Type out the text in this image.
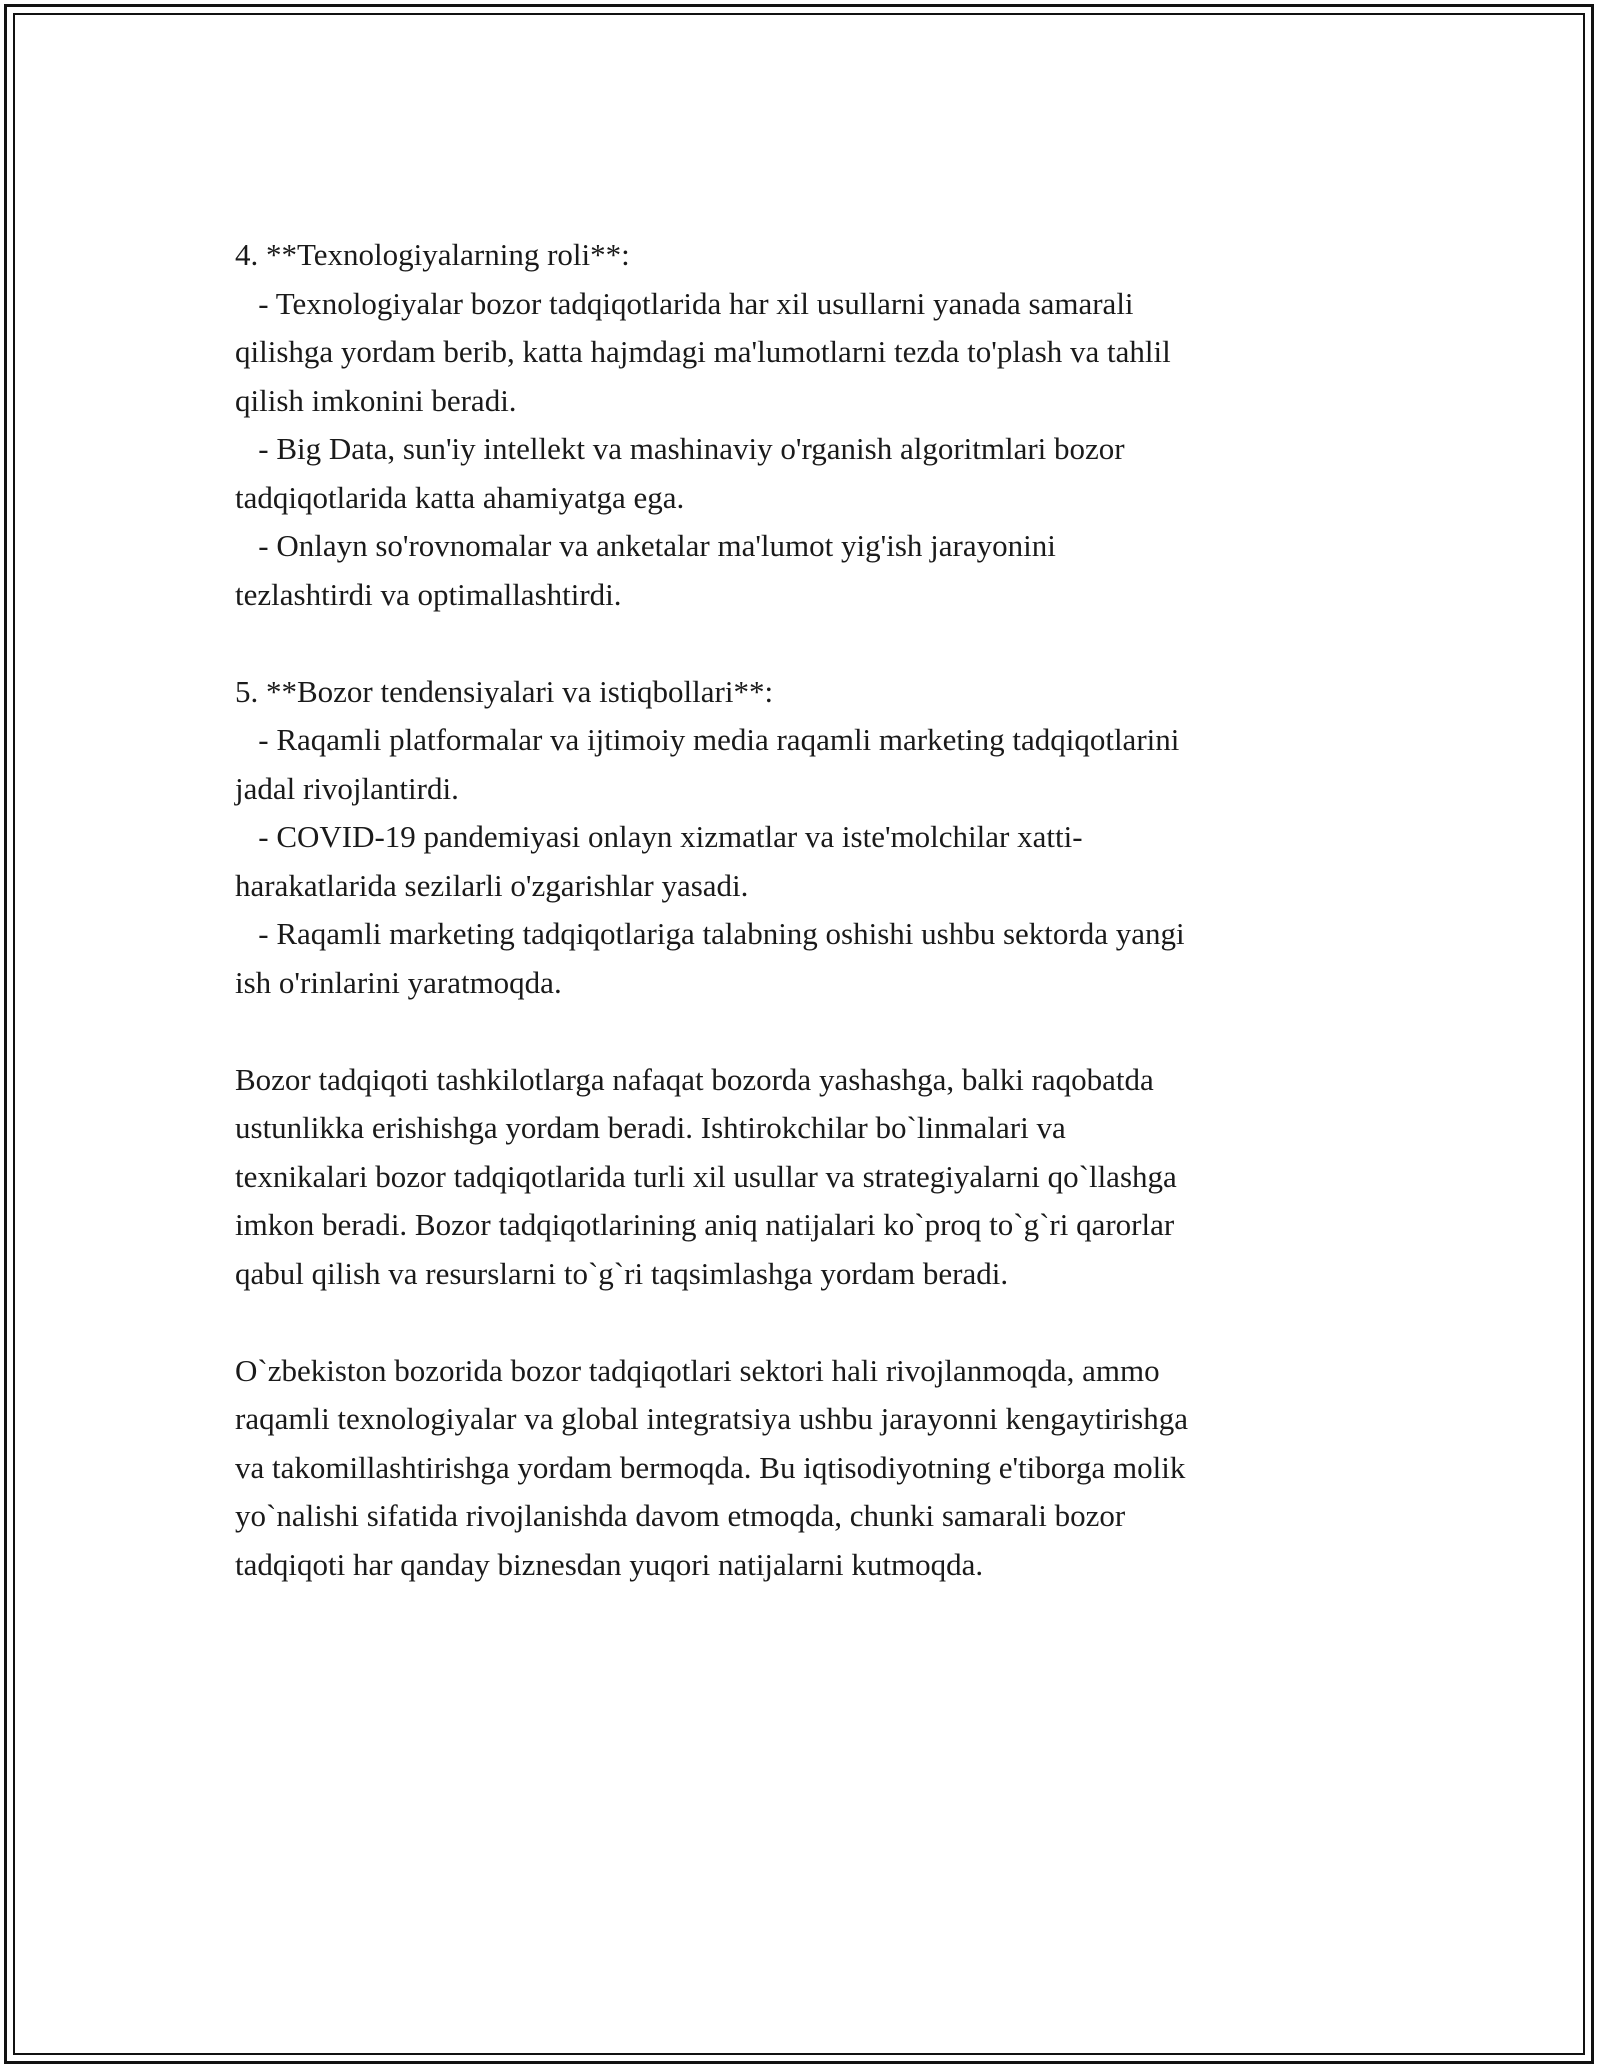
4. **Texnologiyalarning roli**:

- Texnologiyalar bozor tadqiqotlarida har xil usullarni yanada samarali

qilishga yordam berib, katta hajmdagi ma'lumotlarni tezda to'plash va tahlil

qilish imkonini beradi.

- Big Data, sun'iy intellekt va mashinaviy o'rganish algoritmlari bozor

tadqiqotlarida katta ahamiyatga ega.

- Onlayn so'rovnomalar va anketalar ma'lumot yig'ish jarayonini

tezlashtirdi va optimallashtirdi.

5. **Bozor tendensiyalari va istiqbollari**:

- Raqamli platformalar va ijtimoiy media raqamli marketing tadqiqotlarini

jadal rivojlantirdi.

- COVID-19 pandemiyasi onlayn xizmatlar va iste'molchilar xatti-

harakatlarida sezilarli o'zgarishlar yasadi.

- Raqamli marketing tadqiqotlariga talabning oshishi ushbu sektorda yangi

ish o'rinlarini yaratmoqda.

Bozor tadqiqoti tashkilotlarga nafaqat bozorda yashashga, balki raqobatda

ustunlikka erishishga yordam beradi. Ishtirokchilar bo`linmalari va

texnikalari bozor tadqiqotlarida turli xil usullar va strategiyalarni qo`llashga

imkon beradi. Bozor tadqiqotlarining aniq natijalari ko`proq to`g`ri qarorlar

qabul qilish va resurslarni to`g`ri taqsimlashga yordam beradi.

O`zbekiston bozorida bozor tadqiqotlari sektori hali rivojlanmoqda, ammo

raqamli texnologiyalar va global integratsiya ushbu jarayonni kengaytirishga

va takomillashtirishga yordam bermoqda. Bu iqtisodiyotning e'tiborga molik

yo`nalishi sifatida rivojlanishda davom etmoqda, chunki samarali bozor

tadqiqoti har qanday biznesdan yuqori natijalarni kutmoqda.
